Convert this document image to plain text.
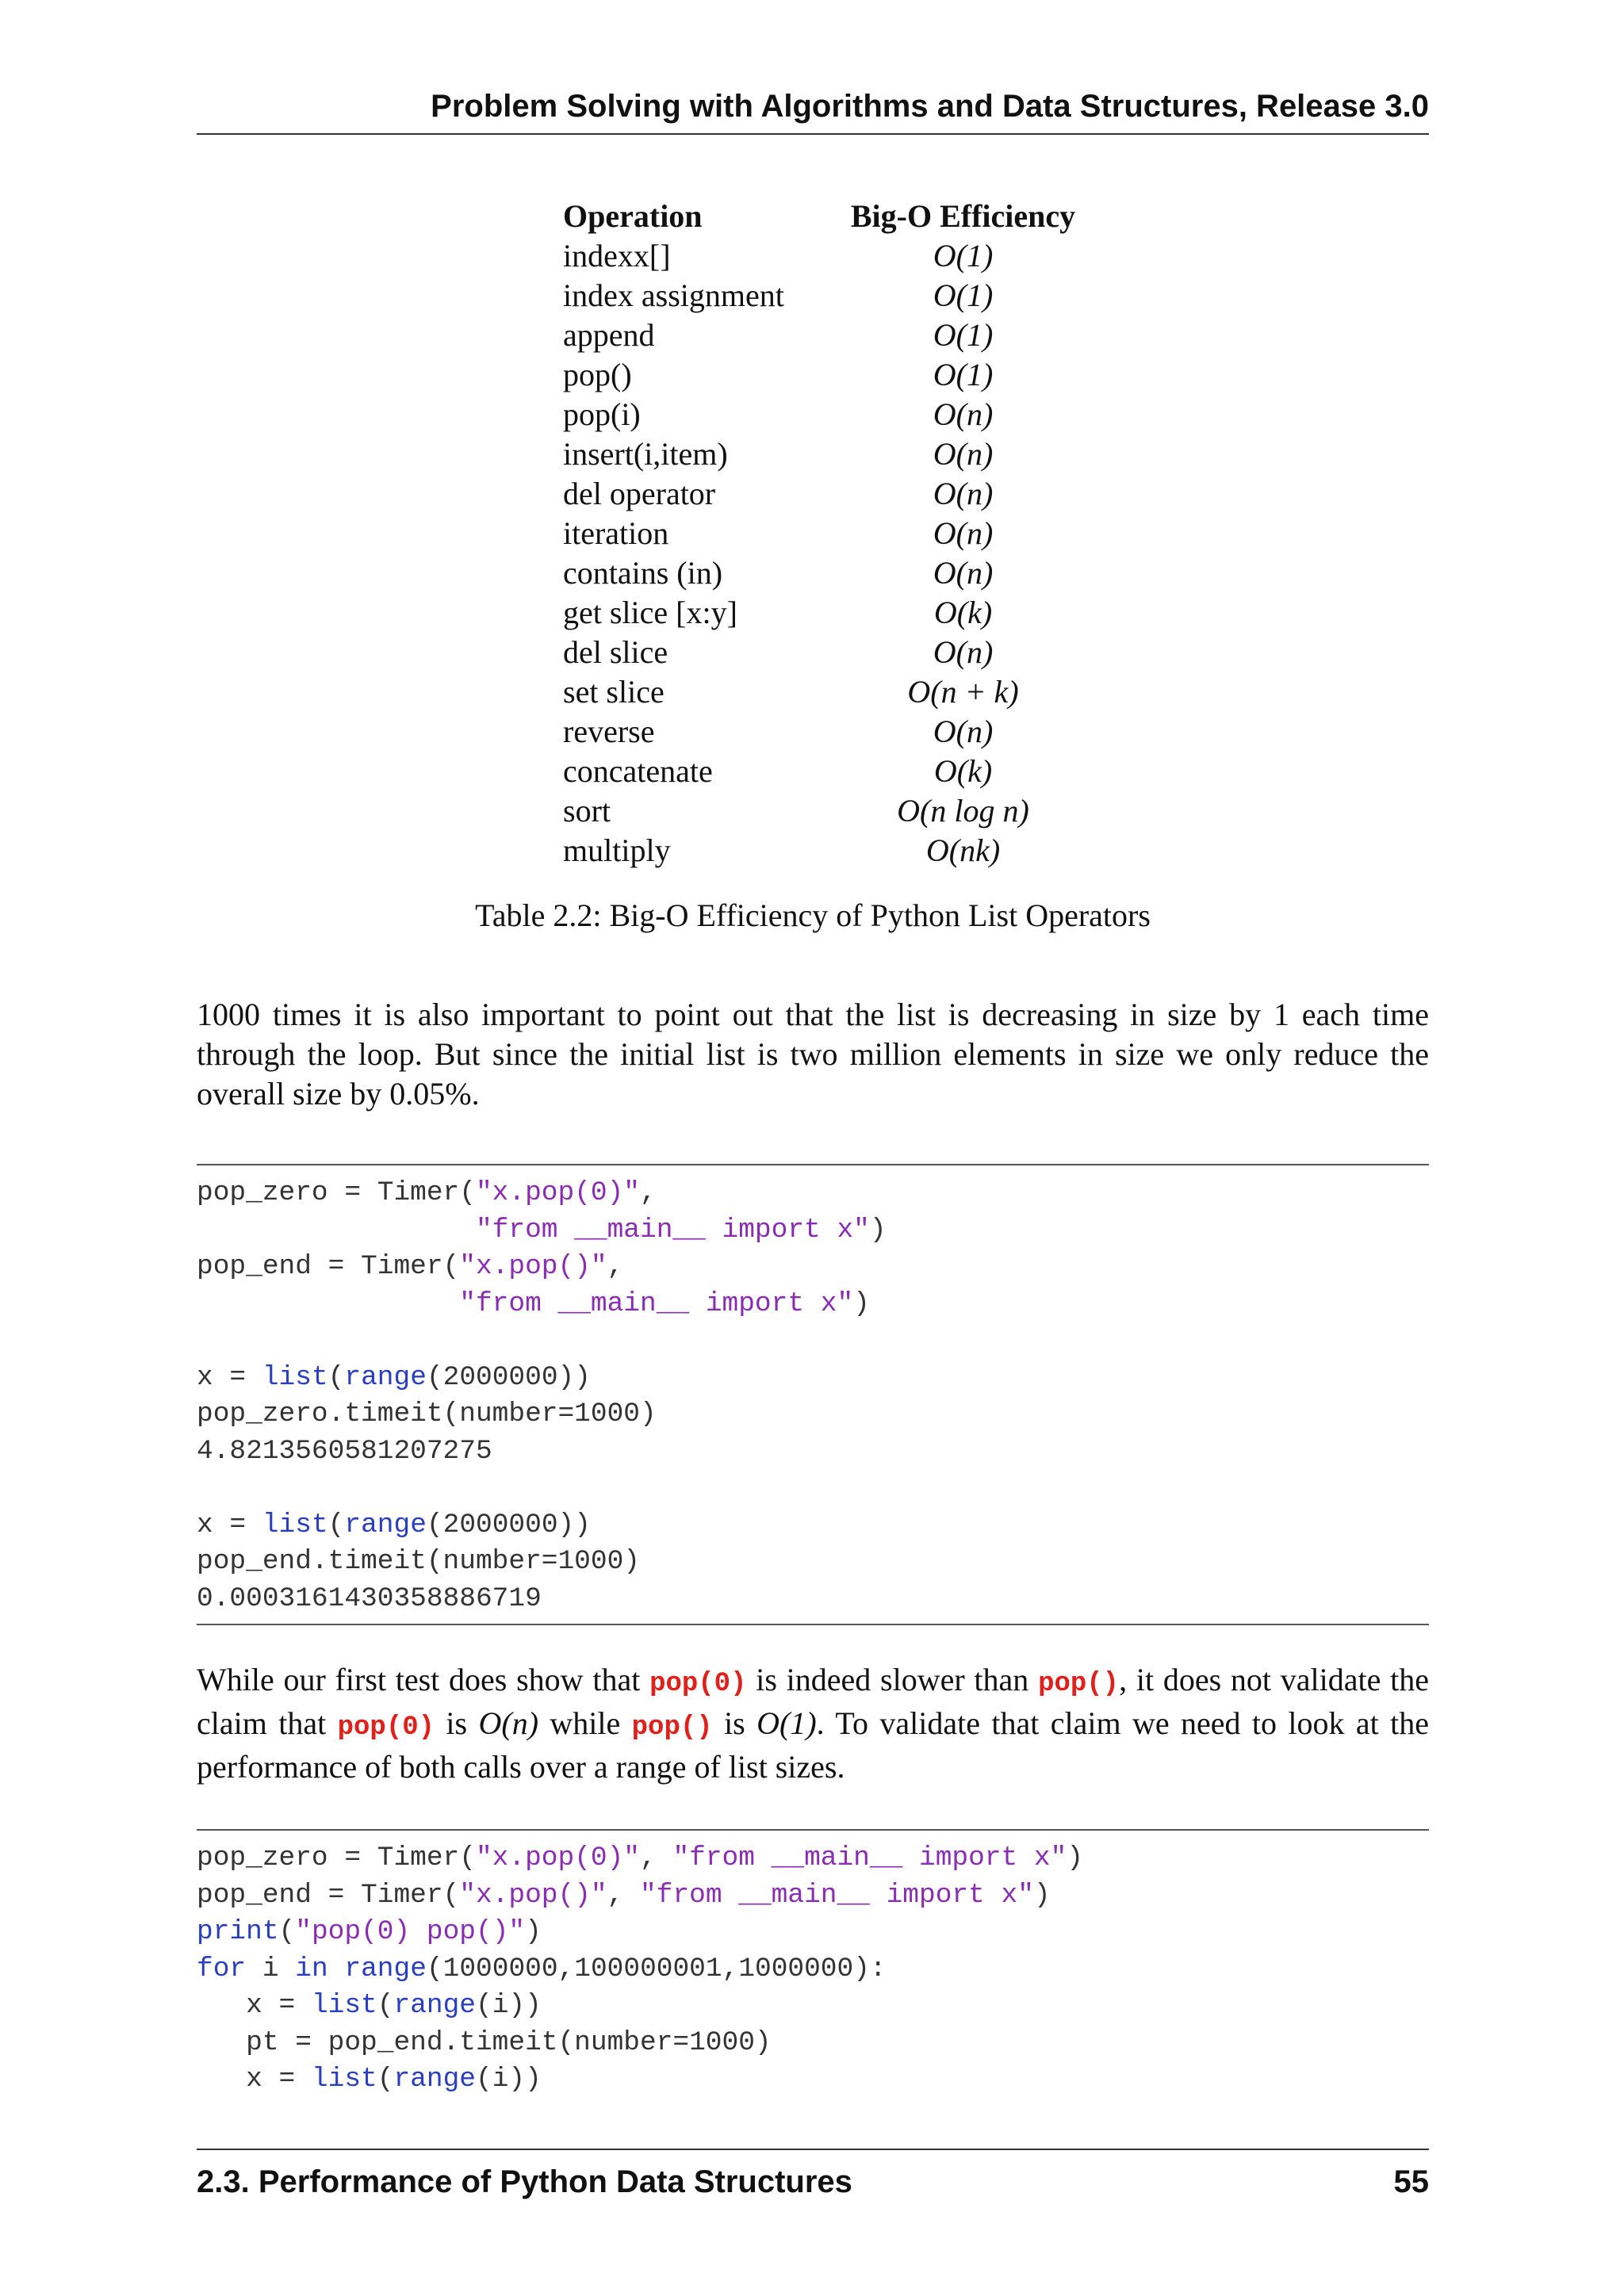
Problem Solving with Algorithms and Data Structures, Release 3.0
Operation	Big-O Efficiency
indexx[]	O(1)
index assignment	O(1)
append	O(1)
pop()	O(1)
pop(i)	O(n)
insert(i,item)	O(n)
del operator	O(n)
iteration	O(n)
contains (in)	O(n)
get slice [x:y]	O(k)
del slice	O(n)
set slice	O(n + k)
reverse	O(n)
concatenate	O(k)
sort	O(n log n)
multiply	O(nk)
Table 2.2: Big-O Efficiency of Python List Operators

1000 times it is also important to point out that the list is decreasing in size by 1 each time through the loop. But since the initial list is two million elements in size we only reduce the overall size by 0.05%.

pop_zero = Timer("x.pop(0)",
"from __main__ import x")
pop_end = Timer("x.pop()",
"from __main__ import x")

x = list(range(2000000))
pop_zero.timeit(number=1000)
4.8213560581207275

x = list(range(2000000))
pop_end.timeit(number=1000)
0.0003161430358886719

While our first test does show that pop(0) is indeed slower than pop(), it does not validate the claim that pop(0) is O(n) while pop() is O(1). To validate that claim we need to look at the performance of both calls over a range of list sizes.

pop_zero = Timer("x.pop(0)", "from __main__ import x")
pop_end = Timer("x.pop()", "from __main__ import x")
print("pop(0) pop()")
for i in range(1000000,100000001,1000000):
x = list(range(i))
pt = pop_end.timeit(number=1000)
x = list(range(i))
2.3. Performance of Python Data Structures	55
